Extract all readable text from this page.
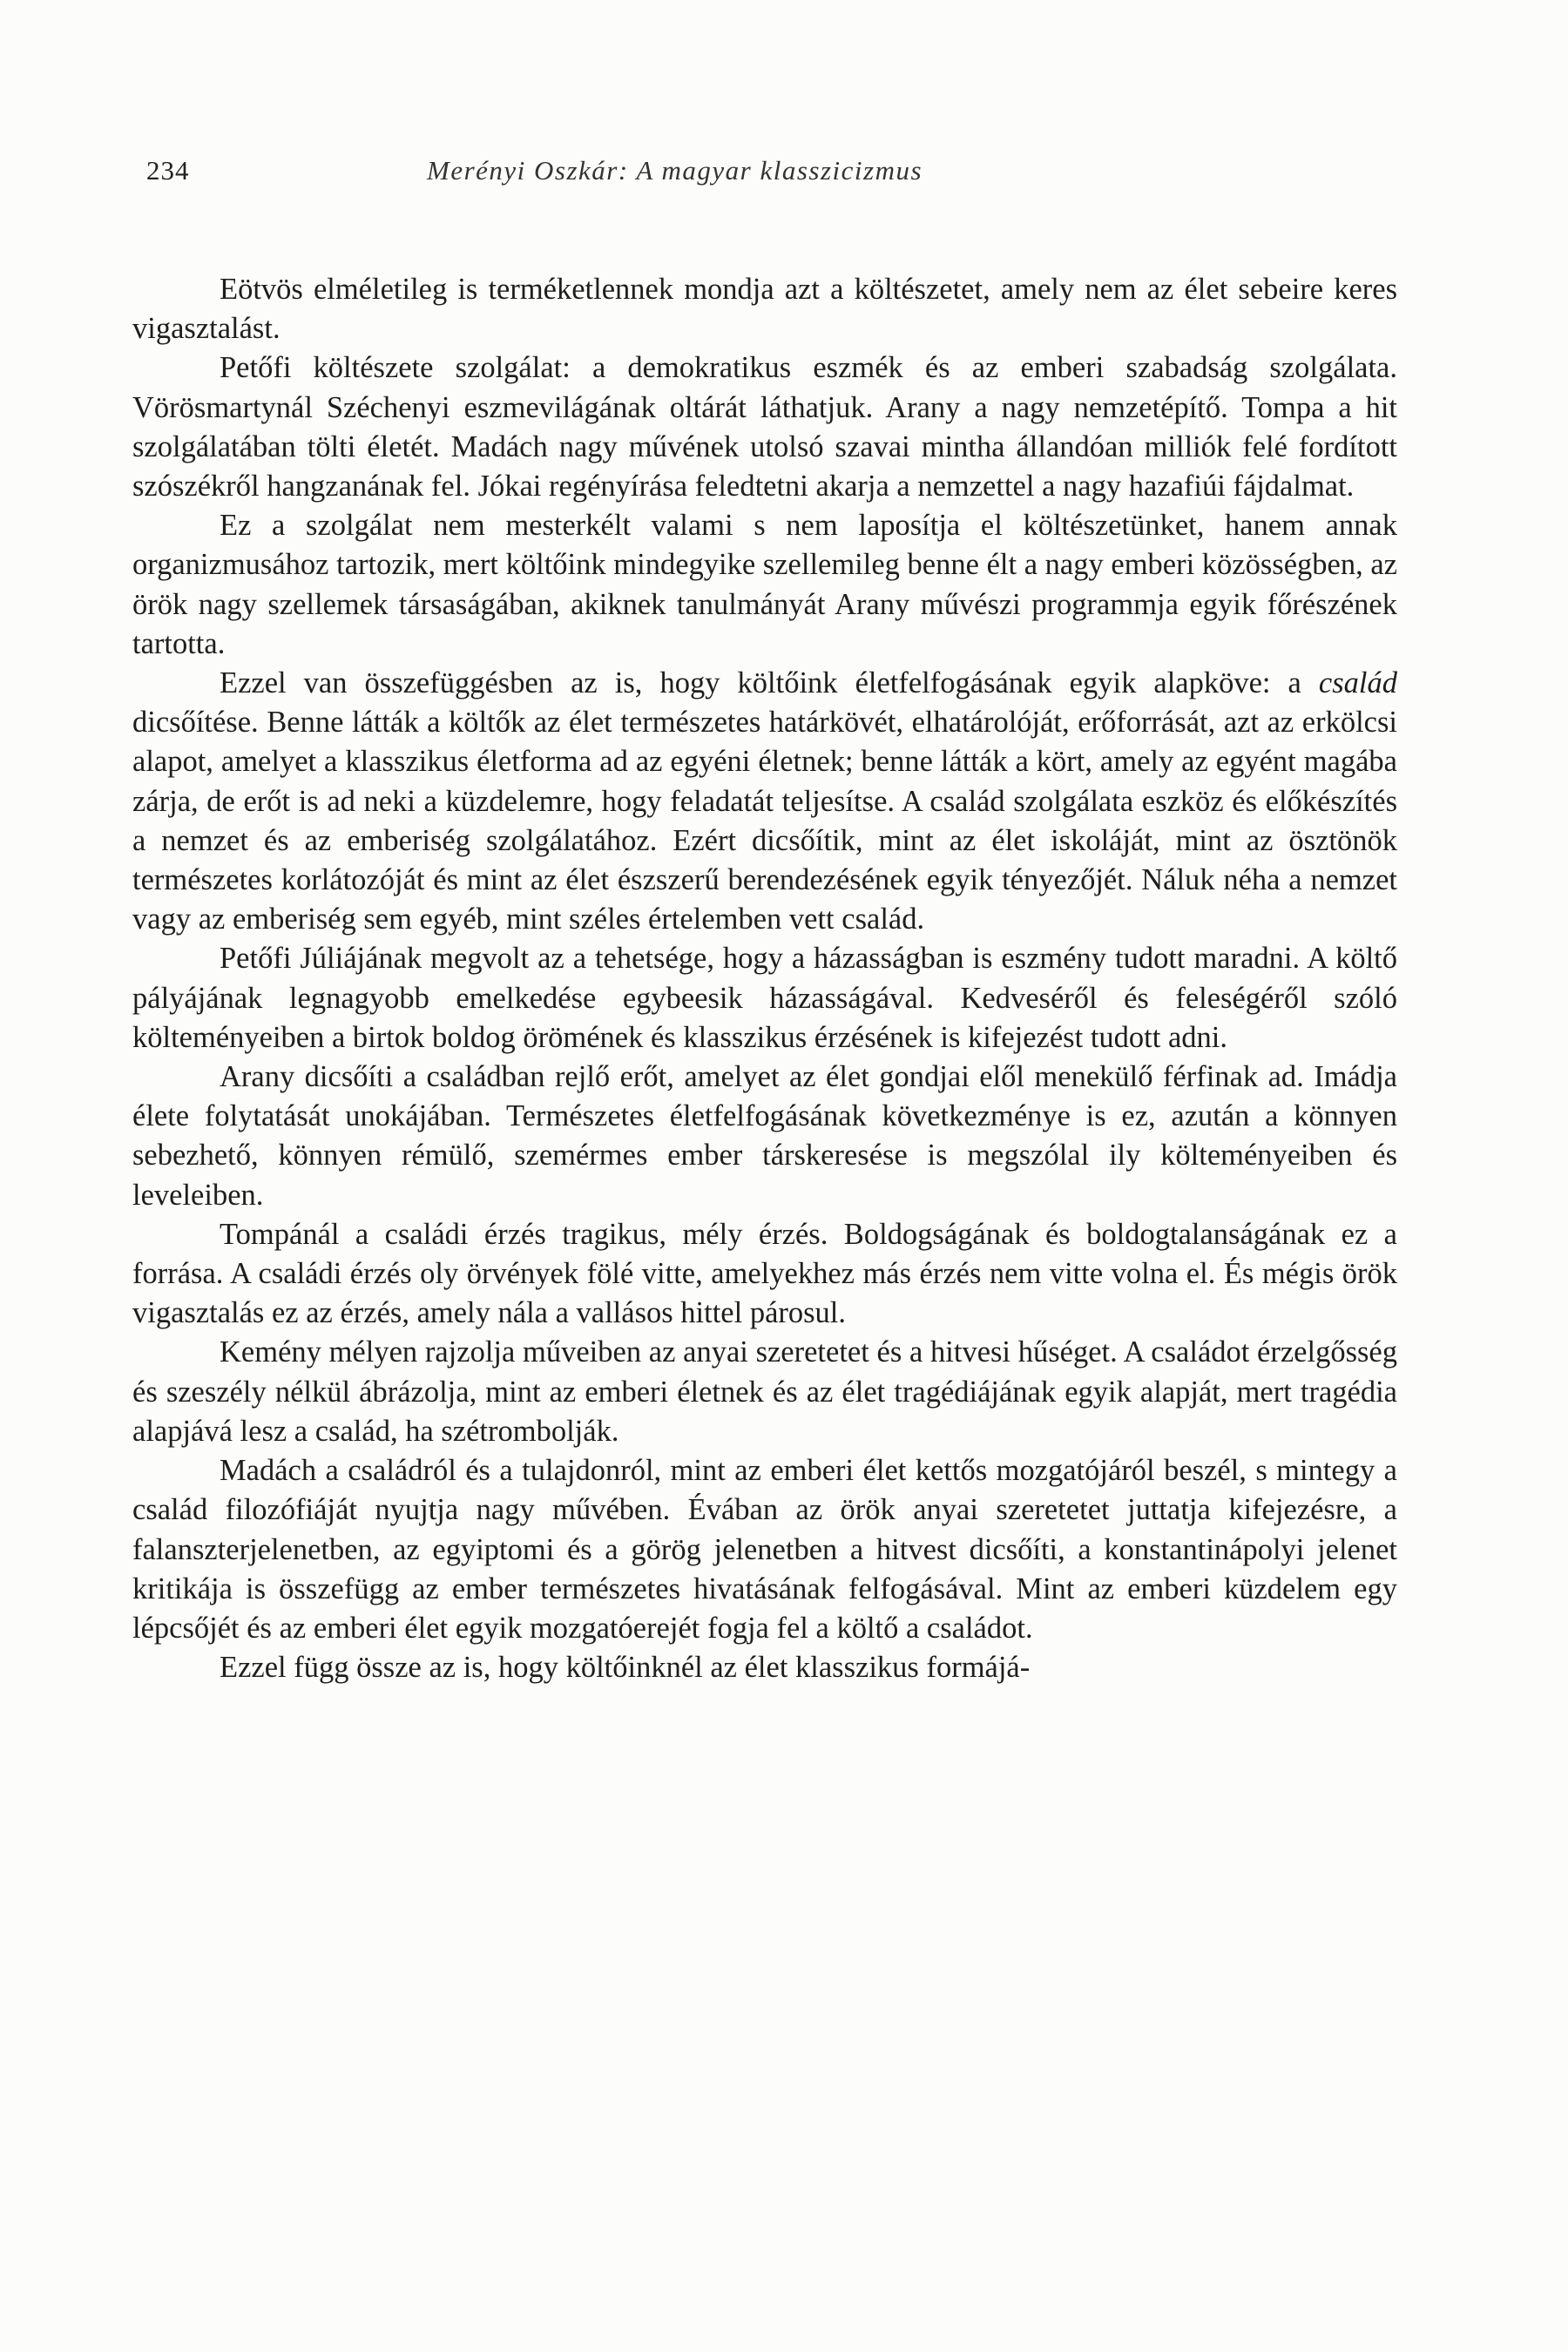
234	Merényi Oszkár: A magyar klasszicizmus

Eötvös elméletileg is terméketlennek mondja azt a költészetet, amely nem az élet sebeire keres vigasztalást.

Petőfi költészete szolgálat: a demokratikus eszmék és az emberi szabadság szolgálata. Vörösmartynál Széchenyi eszmevilágának oltárát láthatjuk. Arany a nagy nemzetépítő. Tompa a hit szolgálatában tölti életét. Madách nagy művének utolsó szavai mintha állandóan milliók felé fordított szószékről hangzanának fel. Jókai regényírása feledtetni akarja a nemzettel a nagy hazafiúi fájdalmat.

Ez a szolgálat nem mesterkélt valami s nem laposítja el költészetünket, hanem annak organizmusához tartozik, mert költőink mindegyike szellemileg benne élt a nagy emberi közösségben, az örök nagy szellemek társaságában, akiknek tanulmányát Arany művészi programmja egyik főrészének tartotta.

Ezzel van összefüggésben az is, hogy költőink életfelfogásának egyik alapköve: a család dicsőítése. Benne látták a költők az élet természetes határkövét, elhatárolóját, erőforrását, azt az erkölcsi alapot, amelyet a klasszikus életforma ad az egyéni életnek; benne látták a kört, amely az egyént magába zárja, de erőt is ad neki a küzdelemre, hogy feladatát teljesítse. A család szolgálata eszköz és előkészítés a nemzet és az emberiség szolgálatához. Ezért dicsőítik, mint az élet iskoláját, mint az ösztönök természetes korlátozóját és mint az élet észszerű berendezésének egyik tényezőjét. Náluk néha a nemzet vagy az emberiség sem egyéb, mint széles értelemben vett család.

Petőfi Júliájának megvolt az a tehetsége, hogy a házasságban is eszmény tudott maradni. A költő pályájának legnagyobb emelkedése egybeesik házasságával. Kedveséről és feleségéről szóló költeményeiben a birtok boldog örömének és klasszikus érzésének is kifejezést tudott adni.

Arany dicsőíti a családban rejlő erőt, amelyet az élet gondjai elől menekülő férfinak ad. Imádja élete folytatását unokájában. Természetes életfelfogásának következménye is ez, azután a könnyen sebezhető, könnyen rémülő, szemérmes ember társkeresése is megszólal ily költeményeiben és leveleiben.

Tompánál a családi érzés tragikus, mély érzés. Boldogságának és boldogtalanságának ez a forrása. A családi érzés oly örvények fölé vitte, amelyekhez más érzés nem vitte volna el. És mégis örök vigasztalás ez az érzés, amely nála a vallásos hittel párosul.

Kemény mélyen rajzolja műveiben az anyai szeretetet és a hitvesi hűséget. A családot érzelgősség és szeszély nélkül ábrázolja, mint az emberi életnek és az élet tragédiájának egyik alapját, mert tragédia alapjává lesz a család, ha szétrombolják.

Madách a családról és a tulajdonról, mint az emberi élet kettős mozgatójáról beszél, s mintegy a család filozófiáját nyujtja nagy művében. Évában az örök anyai szeretetet juttatja kifejezésre, a falanszterjelenetben, az egyiptomi és a görög jelenetben a hitvest dicsőíti, a konstantinápolyi jelenet kritikája is összefügg az ember természetes hivatásának felfogásával. Mint az emberi küzdelem egy lépcsőjét és az emberi élet egyik mozgatóerejét fogja fel a költő a családot.

Ezzel függ össze az is, hogy költőinknél az élet klasszikus formájá-
